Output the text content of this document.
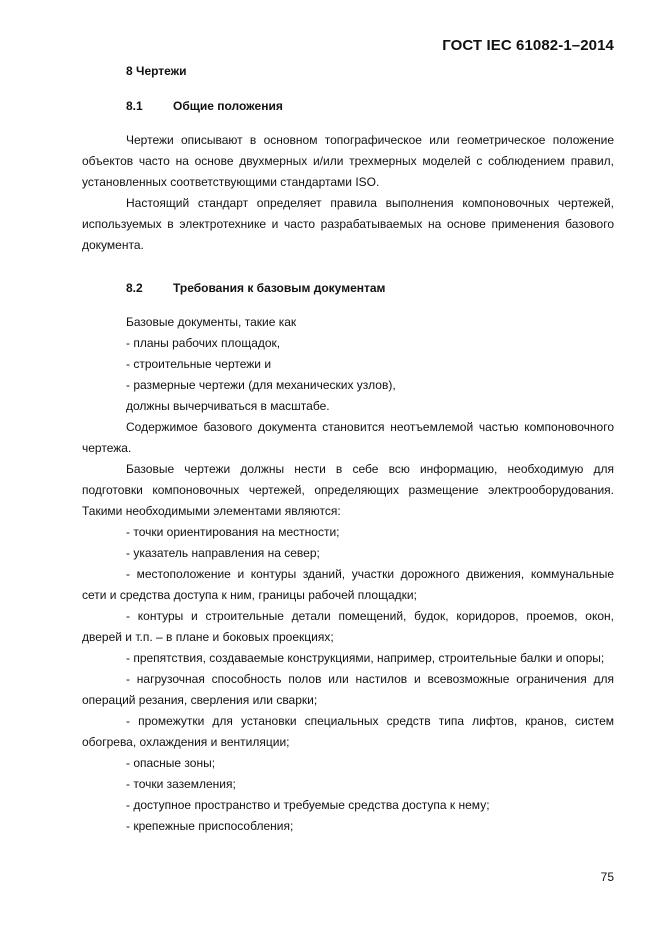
ГОСТ IEC 61082-1–2014
8 Чертежи
8.1	Общие положения

Чертежи описывают в основном топографическое или геометрическое положение объектов часто на основе двухмерных и/или трехмерных моделей с соблюдением правил, установленных соответствующими стандартами ISO.

Настоящий стандарт определяет правила выполнения компоновочных чертежей, используемых в электротехнике и часто разрабатываемых на основе применения базового документа.

8.2	Требования к базовым документам

Базовые документы, такие как

- планы рабочих площадок,

- строительные чертежи и

- размерные чертежи (для механических узлов),

должны вычерчиваться в масштабе.

Содержимое базового документа становится неотъемлемой частью компоновочного чертежа.

Базовые чертежи должны нести в себе всю информацию, необходимую для подготовки компоновочных чертежей, определяющих размещение электрооборудования. Такими необходимыми элементами являются:

- точки ориентирования на местности;

- указатель направления на север;

- местоположение и контуры зданий, участки дорожного движения, коммунальные сети и средства доступа к ним, границы рабочей площадки;

- контуры и строительные детали помещений, будок, коридоров, проемов, окон, дверей и т.п. – в плане и боковых проекциях;

- препятствия, создаваемые конструкциями, например, строительные балки и опоры;

- нагрузочная способность полов или настилов и всевозможные ограничения для операций резания, сверления или сварки;

- промежутки для установки специальных средств типа лифтов, кранов, систем обогрева, охлаждения и вентиляции;

- опасные зоны;

- точки заземления;

- доступное пространство и требуемые средства доступа к нему;

- крепежные приспособления;

75
